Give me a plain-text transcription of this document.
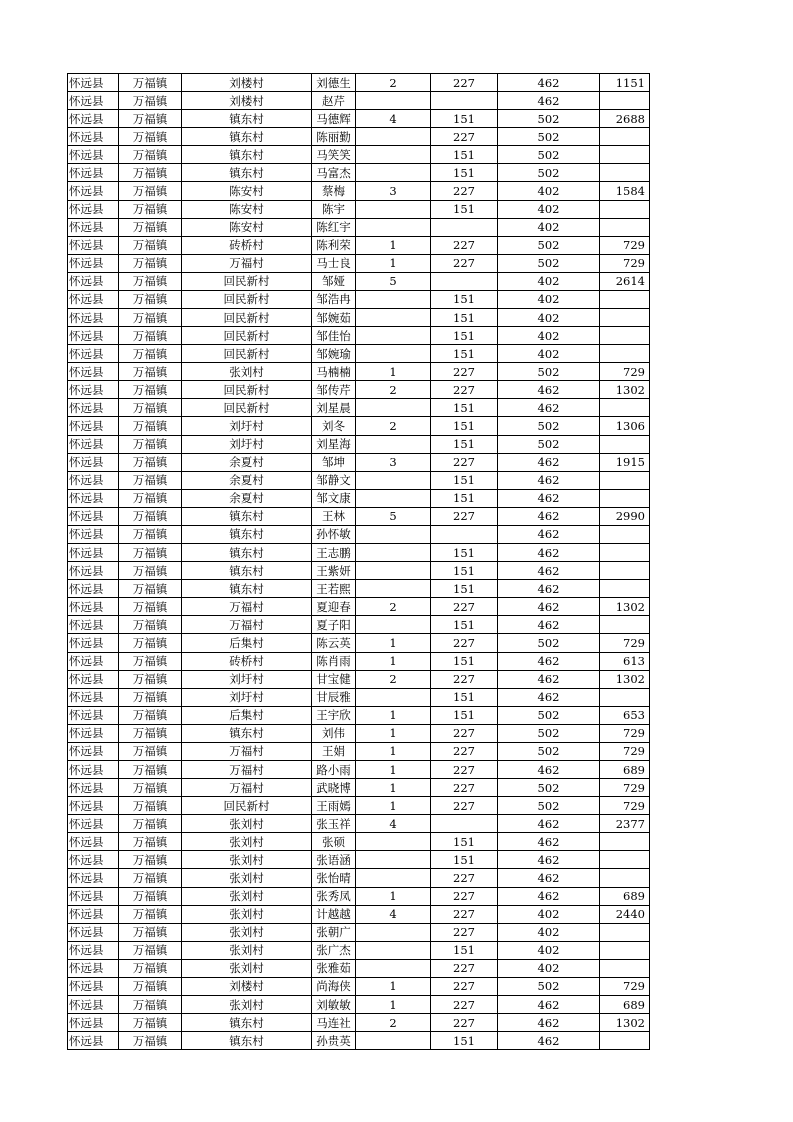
怀远县	万福镇	刘楼村	刘德生	2	227	462	1151
怀远县	万福镇	刘楼村	赵芹			462	
怀远县	万福镇	镇东村	马德辉	4	151	502	2688
怀远县	万福镇	镇东村	陈丽勤		227	502	
怀远县	万福镇	镇东村	马笑笑		151	502	
怀远县	万福镇	镇东村	马富杰		151	502	
怀远县	万福镇	陈安村	蔡梅	3	227	402	1584
怀远县	万福镇	陈安村	陈宇		151	402	
怀远县	万福镇	陈安村	陈红宇			402	
怀远县	万福镇	砖桥村	陈利荣	1	227	502	729
怀远县	万福镇	万福村	马士良	1	227	502	729
怀远县	万福镇	回民新村	邹娅	5		402	2614
怀远县	万福镇	回民新村	邹浩冉		151	402	
怀远县	万福镇	回民新村	邹婉茹		151	402	
怀远县	万福镇	回民新村	邹佳怡		151	402	
怀远县	万福镇	回民新村	邹婉瑜		151	402	
怀远县	万福镇	张刘村	马楠楠	1	227	502	729
怀远县	万福镇	回民新村	邹传芹	2	227	462	1302
怀远县	万福镇	回民新村	刘星晨		151	462	
怀远县	万福镇	刘圩村	刘冬	2	151	502	1306
怀远县	万福镇	刘圩村	刘星海		151	502	
怀远县	万福镇	余夏村	邹坤	3	227	462	1915
怀远县	万福镇	余夏村	邹静文		151	462	
怀远县	万福镇	余夏村	邹文康		151	462	
怀远县	万福镇	镇东村	王林	5	227	462	2990
怀远县	万福镇	镇东村	孙怀敏			462	
怀远县	万福镇	镇东村	王志鹏		151	462	
怀远县	万福镇	镇东村	王紫妍		151	462	
怀远县	万福镇	镇东村	王若熙		151	462	
怀远县	万福镇	万福村	夏迎春	2	227	462	1302
怀远县	万福镇	万福村	夏子阳		151	462	
怀远县	万福镇	后集村	陈云英	1	227	502	729
怀远县	万福镇	砖桥村	陈肖雨	1	151	462	613
怀远县	万福镇	刘圩村	甘宝健	2	227	462	1302
怀远县	万福镇	刘圩村	甘辰雅		151	462	
怀远县	万福镇	后集村	王宇欣	1	151	502	653
怀远县	万福镇	镇东村	刘伟	1	227	502	729
怀远县	万福镇	万福村	王娟	1	227	502	729
怀远县	万福镇	万福村	路小雨	1	227	462	689
怀远县	万福镇	万福村	武晓博	1	227	502	729
怀远县	万福镇	回民新村	王雨嫣	1	227	502	729
怀远县	万福镇	张刘村	张玉祥	4		462	2377
怀远县	万福镇	张刘村	张硕		151	462	
怀远县	万福镇	张刘村	张语涵		151	462	
怀远县	万福镇	张刘村	张怡晴		227	462	
怀远县	万福镇	张刘村	张秀凤	1	227	462	689
怀远县	万福镇	张刘村	计越越	4	227	402	2440
怀远县	万福镇	张刘村	张朝广		227	402	
怀远县	万福镇	张刘村	张广杰		151	402	
怀远县	万福镇	张刘村	张雅茹		227	402	
怀远县	万福镇	刘楼村	尚海侠	1	227	502	729
怀远县	万福镇	张刘村	刘敏敏	1	227	462	689
怀远县	万福镇	镇东村	马连社	2	227	462	1302
怀远县	万福镇	镇东村	孙贵英		151	462	
